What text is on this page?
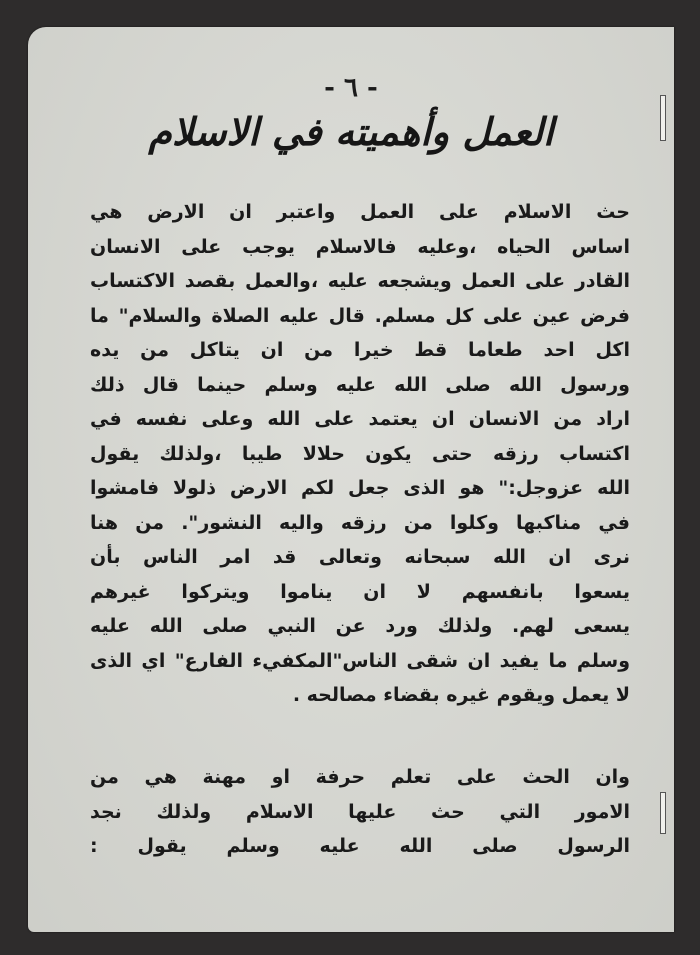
- ٦ -
العمل وأهميته في الاسلام
حث الاسلام على العمل واعتبر ان الارض هي
اساس الحياه ،وعليه فالاسلام يوجب على الانسان
القادر على العمل ويشجعه عليه ،والعمل بقصد الاكتساب
فرض عين على كل مسلم. قال عليه الصلاة والسلام" ما
اكل احد طعاما قط خيرا من ان يتاكل من يده
ورسول الله صلى الله عليه وسلم حينما قال ذلك
اراد من الانسان ان يعتمد على الله وعلى نفسه في
اكتساب رزقه حتى يكون حلالا طيبا ،ولذلك يقول
الله عزوجل:" هو الذى جعل لكم الارض ذلولا فامشوا
في مناكبها وكلوا من رزقه واليه النشور". من هنا
نرى ان الله سبحانه وتعالى قد امر الناس بأن
يسعوا بانفسهم لا ان يناموا ويتركوا غيرهم
يسعى لهم. ولذلك ورد عن النبي صلى الله عليه
وسلم ما يفيد ان شقى الناس"المكفيء الفارع" اي الذى
لا يعمل ويقوم غيره بقضاء مصالحه .
وان الحث على تعلم حرفة او مهنة هي من
الامور التي حث عليها الاسلام ولذلك نجد
الرسول صلى الله عليه وسلم يقول :
